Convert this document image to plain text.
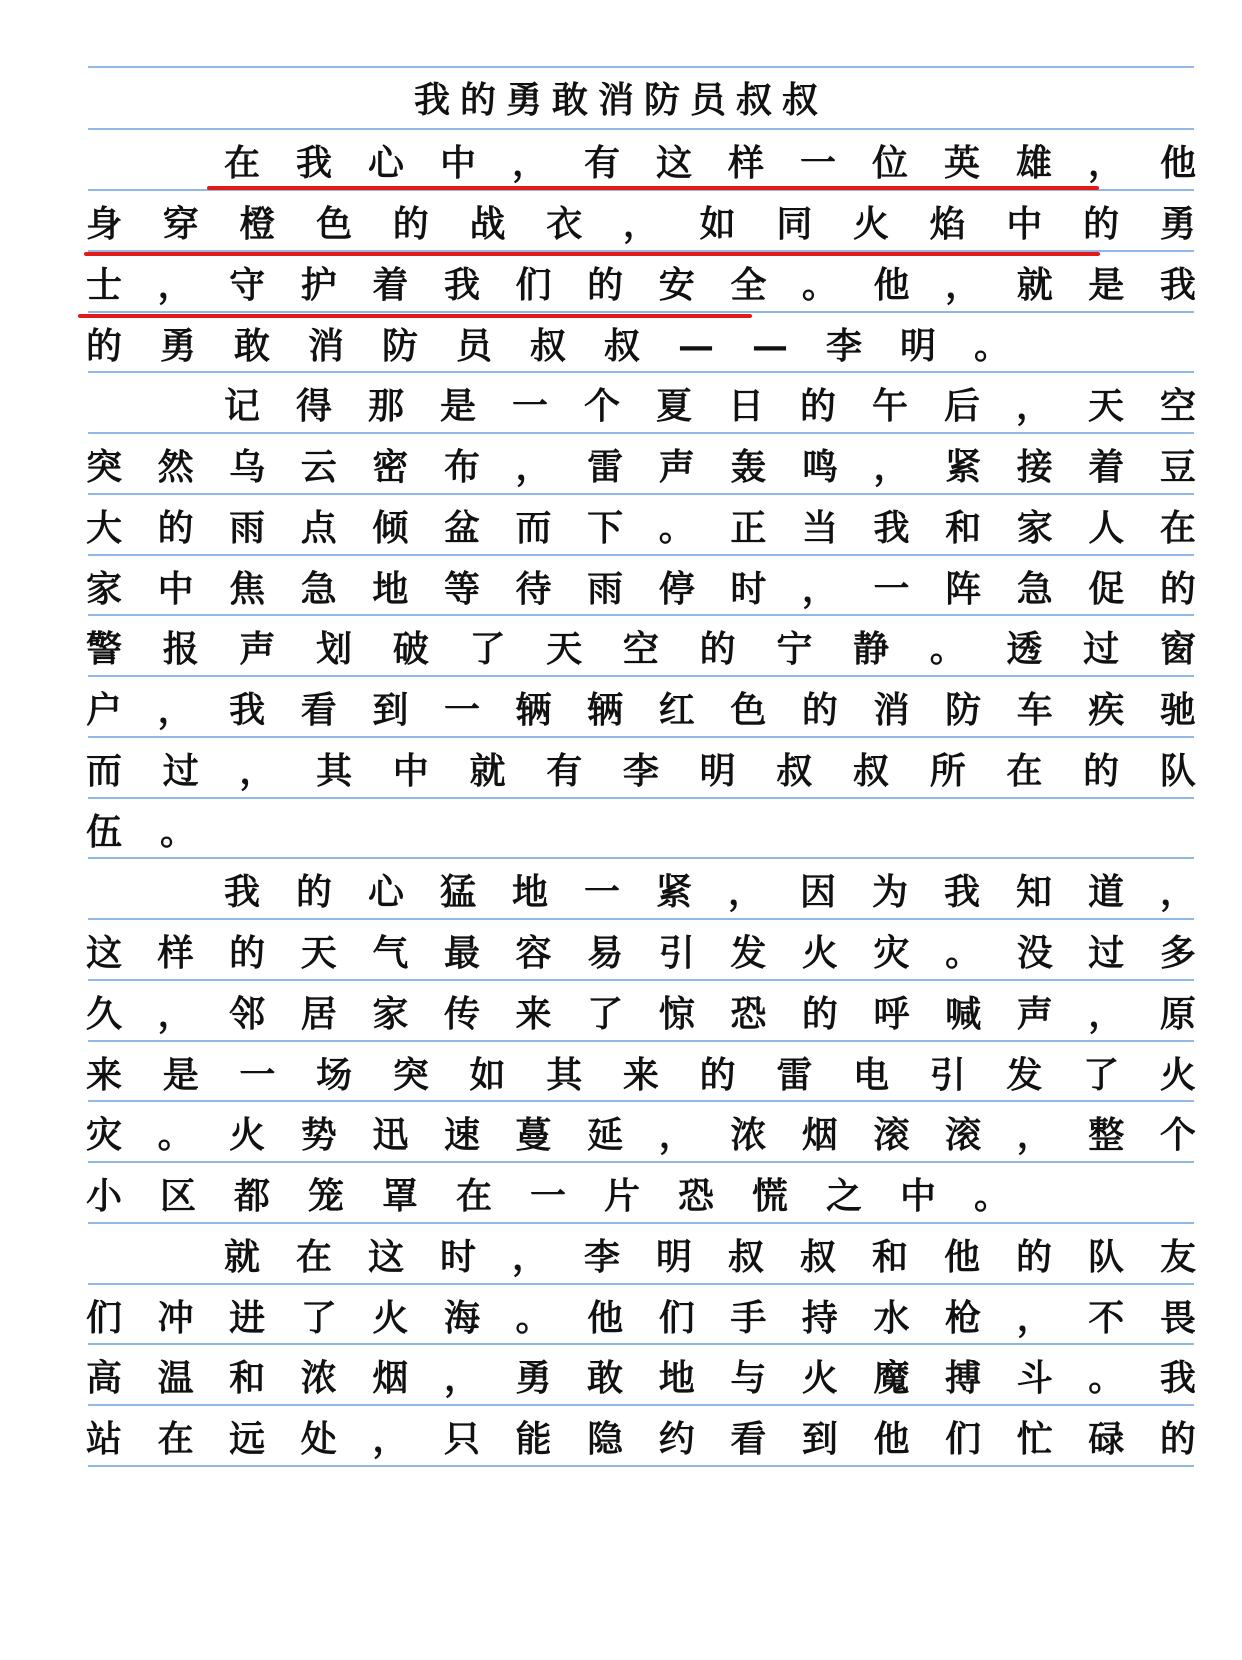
我的勇敢消防员叔叔
在 我 心 中 ， 有 这 样 一 位 英 雄 ， 他
身 穿 橙 色 的 战 衣 ， 如 同 火 焰 中 的 勇
士 ， 守 护 着 我 们 的 安 全 。 他 ， 就 是 我
的 勇 敢 消 防 员 叔 叔 — — 李 明 。
记 得 那 是 一 个 夏 日 的 午 后 ， 天 空
突 然 乌 云 密 布 ， 雷 声 轰 鸣 ， 紧 接 着 豆
大 的 雨 点 倾 盆 而 下 。 正 当 我 和 家 人 在
家 中 焦 急 地 等 待 雨 停 时 ， 一 阵 急 促 的
警 报 声 划 破 了 天 空 的 宁 静 。 透 过 窗
户 ， 我 看 到 一 辆 辆 红 色 的 消 防 车 疾 驰
而 过 ， 其 中 就 有 李 明 叔 叔 所 在 的 队
伍 。
我 的 心 猛 地 一 紧 ， 因 为 我 知 道 ，
这 样 的 天 气 最 容 易 引 发 火 灾 。 没 过 多
久 ， 邻 居 家 传 来 了 惊 恐 的 呼 喊 声 ， 原
来 是 一 场 突 如 其 来 的 雷 电 引 发 了 火
灾 。 火 势 迅 速 蔓 延 ， 浓 烟 滚 滚 ， 整 个
小 区 都 笼 罩 在 一 片 恐 慌 之 中 。
就 在 这 时 ， 李 明 叔 叔 和 他 的 队 友
们 冲 进 了 火 海 。 他 们 手 持 水 枪 ， 不 畏
高 温 和 浓 烟 ， 勇 敢 地 与 火 魔 搏 斗 。 我
站 在 远 处 ， 只 能 隐 约 看 到 他 们 忙 碌 的
